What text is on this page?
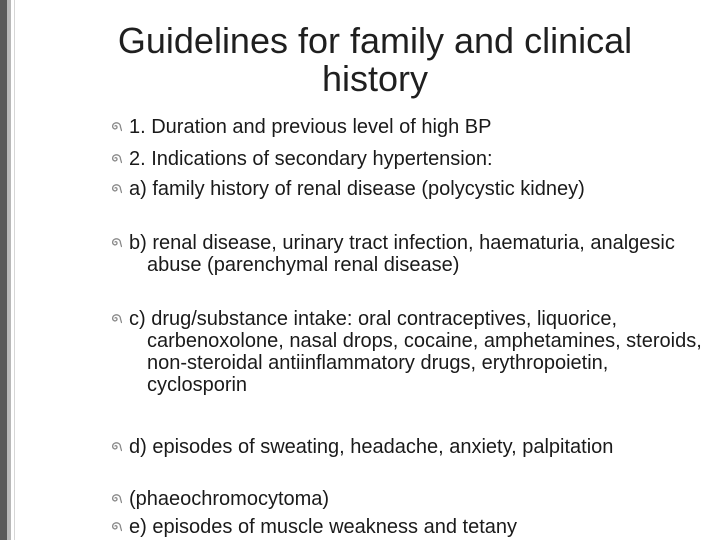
Guidelines for family and clinical history
1. Duration and previous level of high BP
2. Indications of secondary hypertension:
a) family history of renal disease (polycystic kidney)
b) renal disease, urinary tract infection, haematuria, analgesic abuse (parenchymal renal disease)
c) drug/substance intake: oral contraceptives, liquorice, carbenoxolone, nasal drops, cocaine, amphetamines, steroids, non-steroidal antiinflammatory drugs, erythropoietin, cyclosporin
d) episodes of sweating, headache, anxiety, palpitation
(phaeochromocytoma)
e) episodes of muscle weakness and tetany
